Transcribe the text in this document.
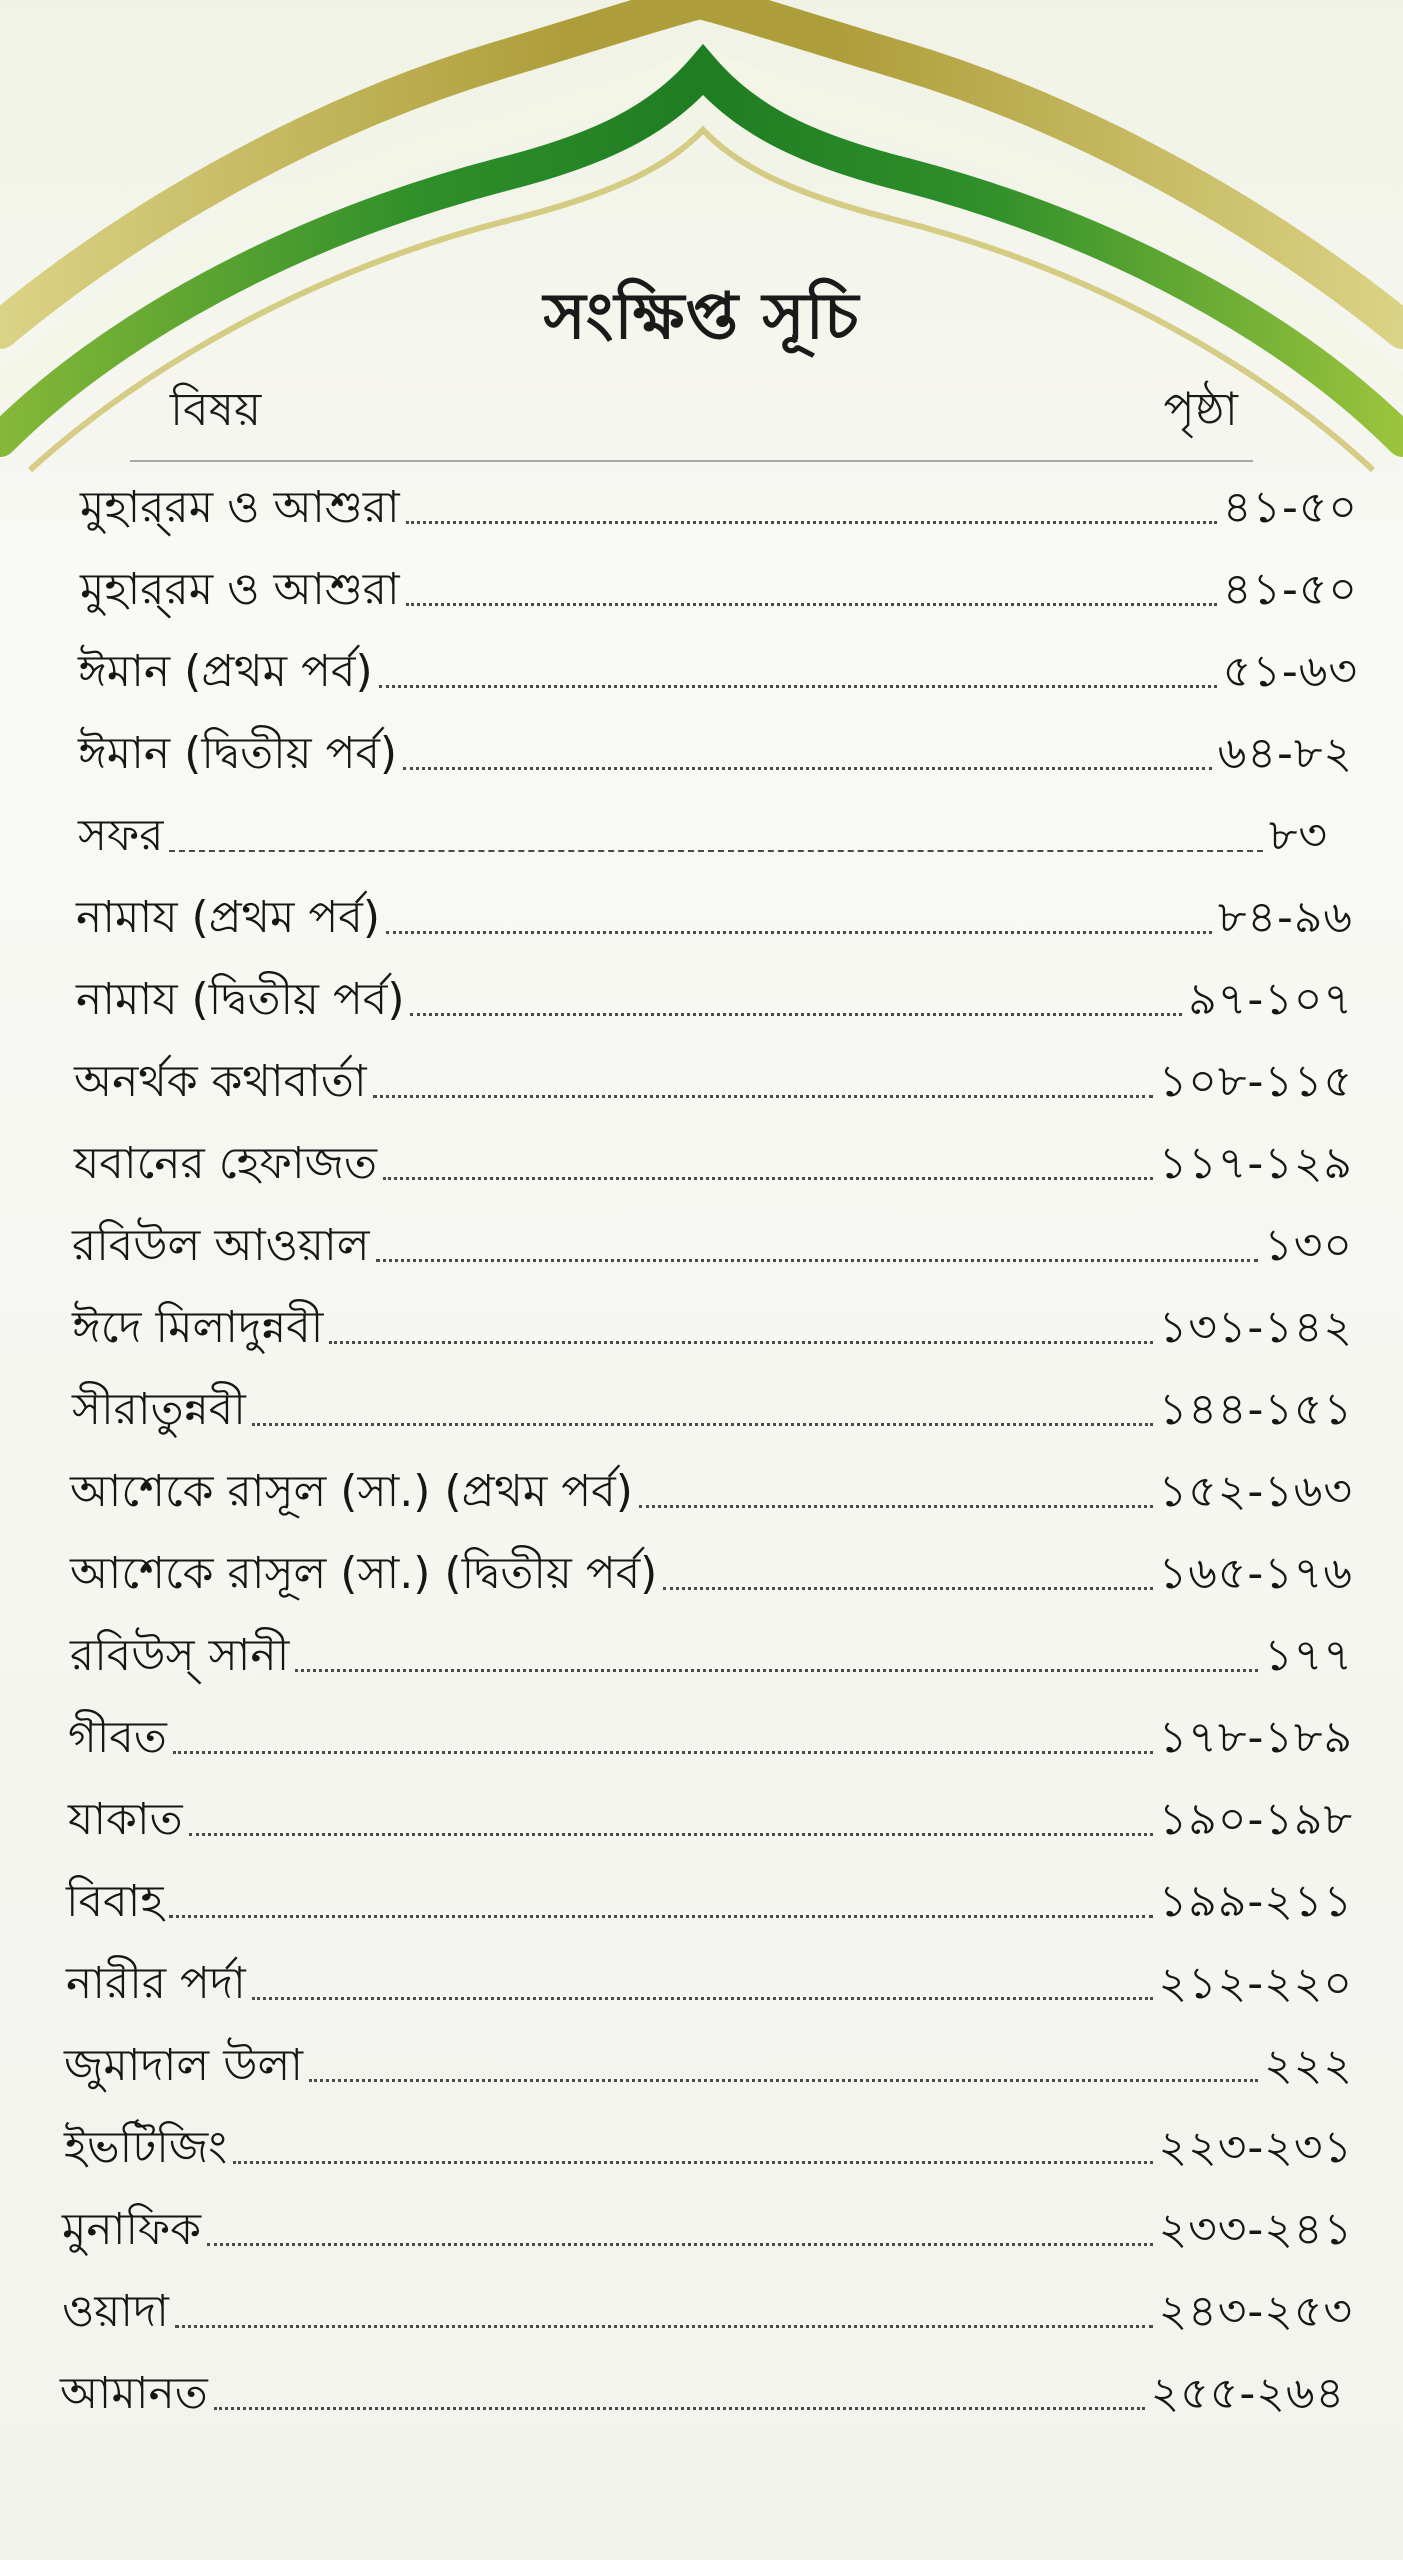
সংক্ষিপ্ত সূচি
বিষয়	পৃষ্ঠা
মুহার্‌রম ও আশুরা	৪১-৫০
মুহার্‌রম ও আশুরা	৪১-৫০
ঈমান (প্রথম পর্ব)	৫১-৬৩
ঈমান (দ্বিতীয় পর্ব)	৬৪-৮২
সফর	৮৩
নামায (প্রথম পর্ব)	৮৪-৯৬
নামায (দ্বিতীয় পর্ব)	৯৭-১০৭
অনর্থক কথাবার্তা	১০৮-১১৫
যবানের হেফাজত	১১৭-১২৯
রবিউল আওয়াল	১৩০
ঈদে মিলাদুন্নবী	১৩১-১৪২
সীরাতুন্নবী	১৪৪-১৫১
আশেকে রাসূল (সা.) (প্রথম পর্ব)	১৫২-১৬৩
আশেকে রাসূল (সা.) (দ্বিতীয় পর্ব)	১৬৫-১৭৬
রবিউস্ সানী	১৭৭
গীবত	১৭৮-১৮৯
যাকাত	১৯০-১৯৮
বিবাহ	১৯৯-২১১
নারীর পর্দা	২১২-২২০
জুমাদাল উলা	২২২
ইভটিজিং	২২৩-২৩১
মুনাফিক	২৩৩-২৪১
ওয়াদা	২৪৩-২৫৩
আমানত	২৫৫-২৬৪
